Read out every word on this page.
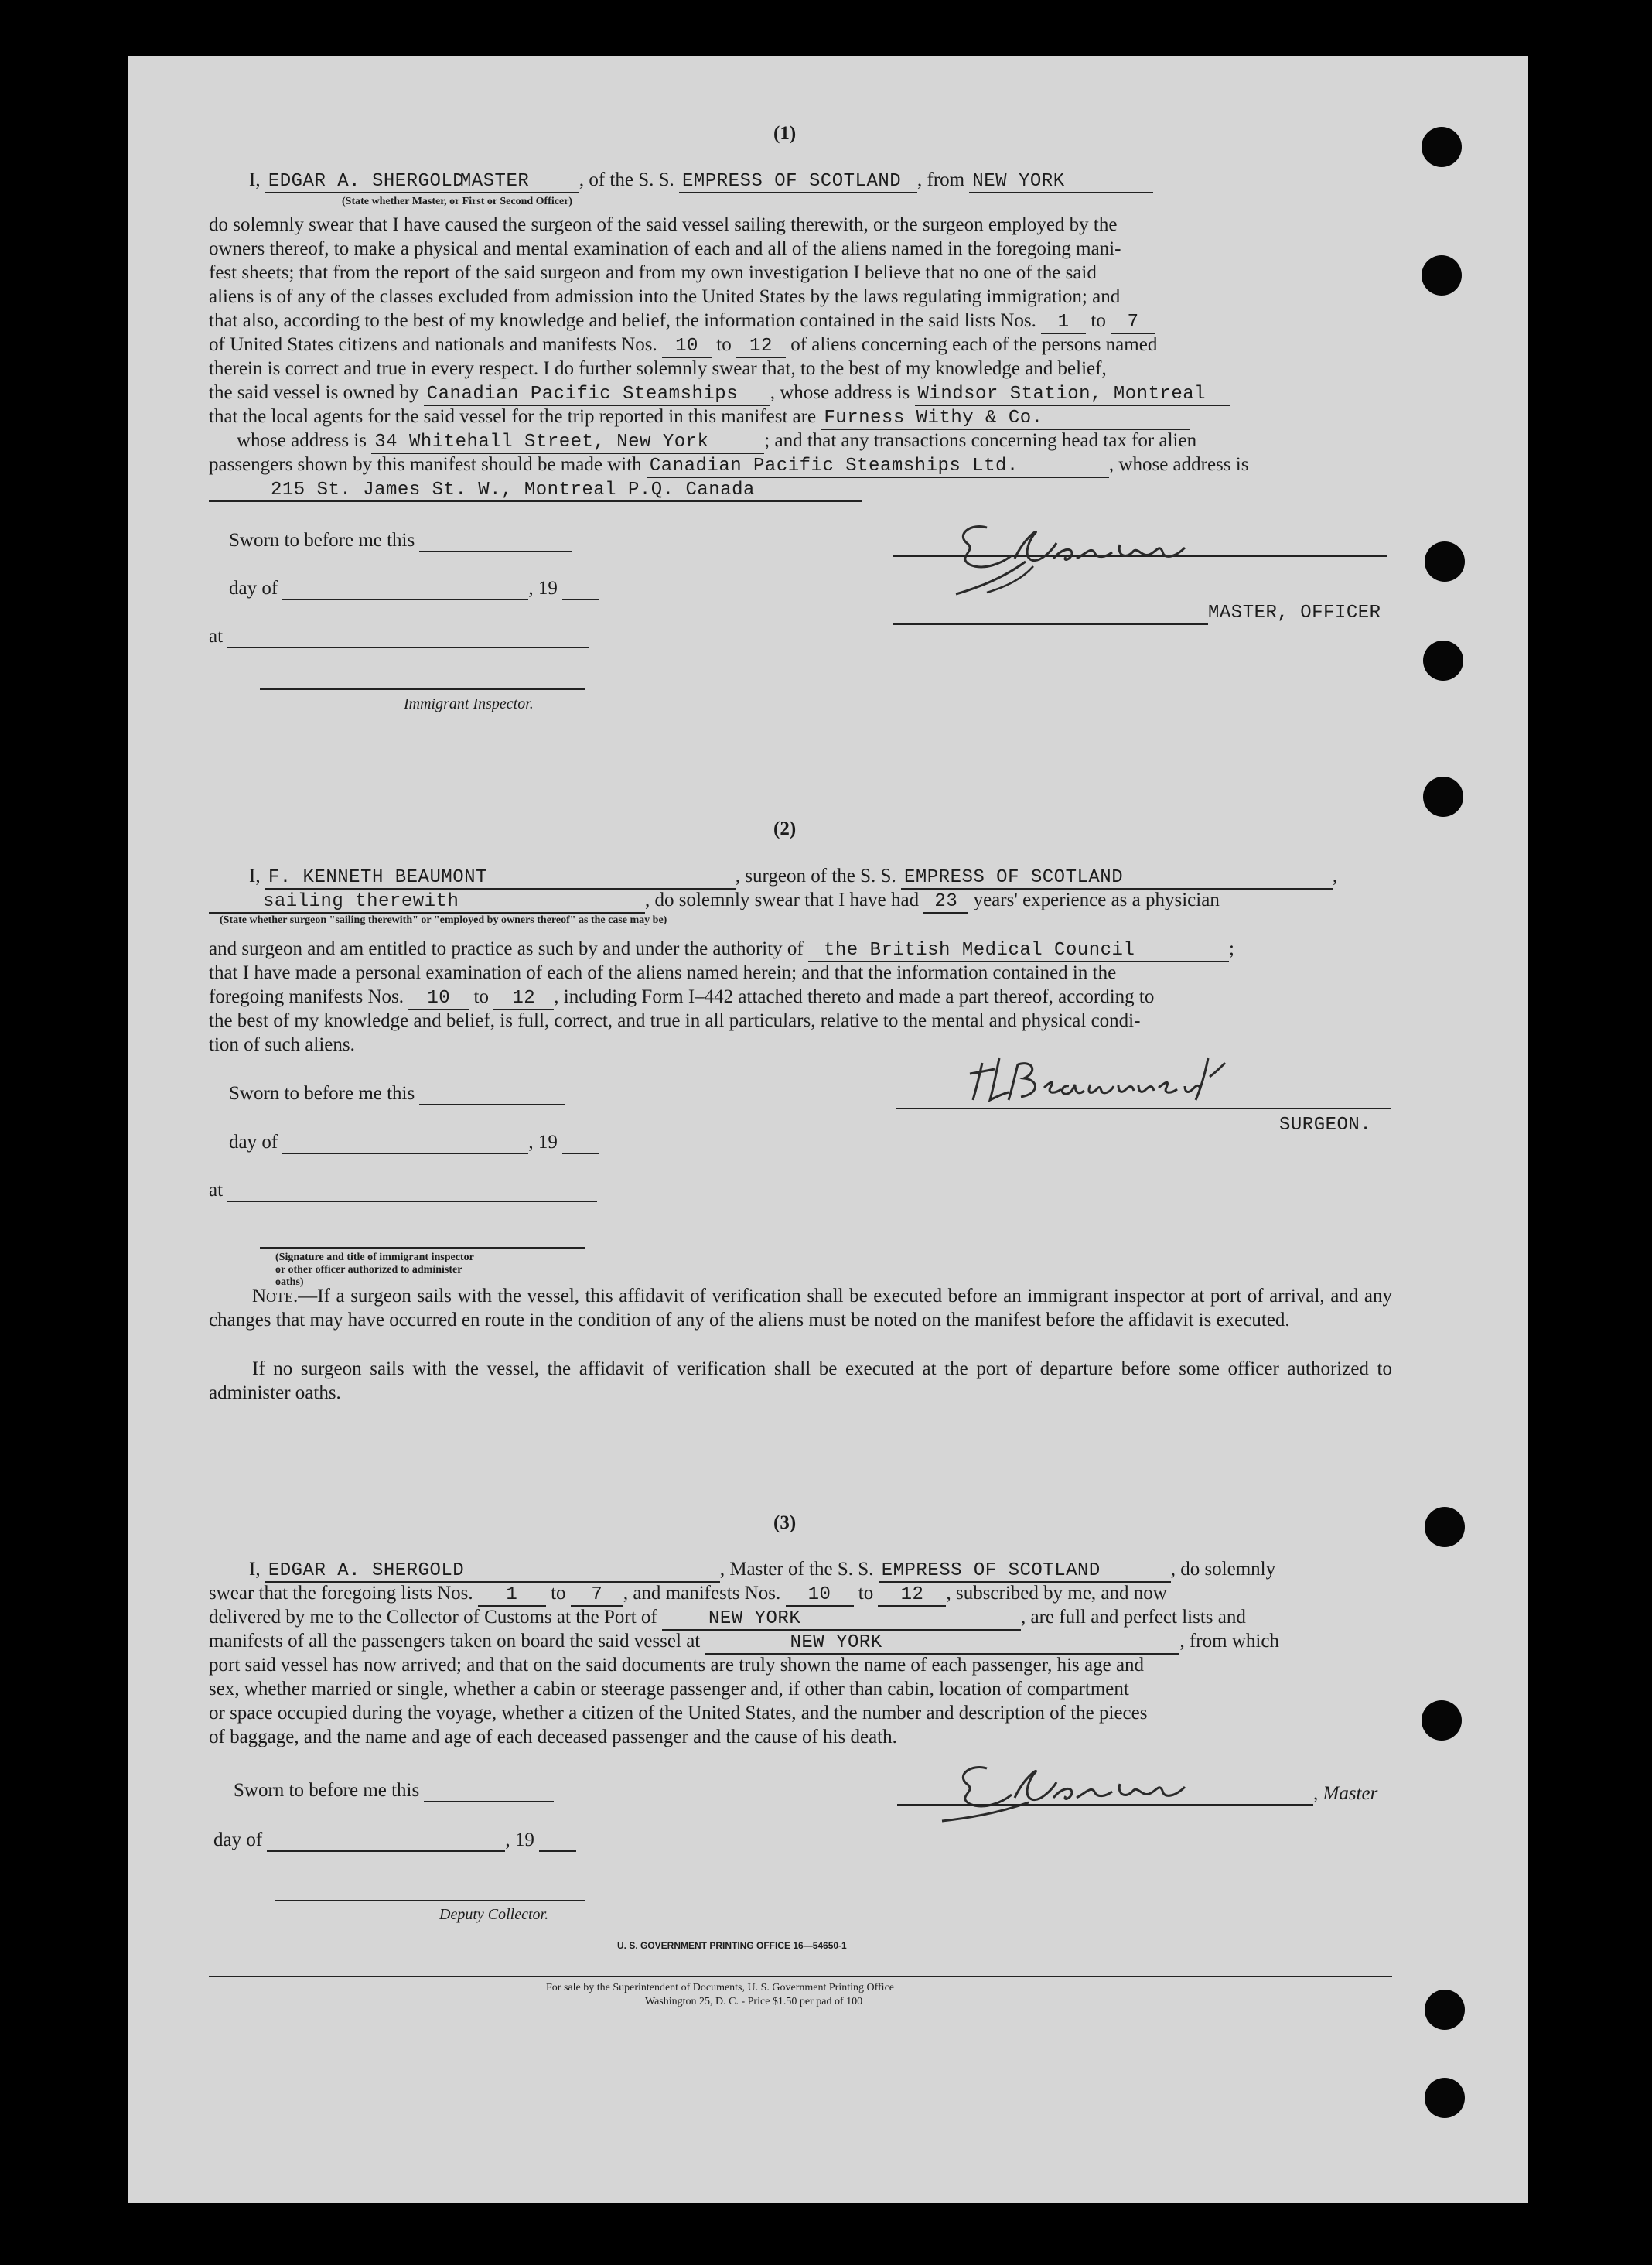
(1)
I, EDGAR A. SHERGOLDMASTER	, of the S. S. EMPRESS OF SCOTLAND , from NEW YORK
(State whether Master, or First or Second Officer)
do solemnly swear that I have caused the surgeon of the said vessel sailing therewith, or the surgeon employed by the
owners thereof, to make a physical and mental examination of each and all of the aliens named in the foregoing mani-
fest sheets; that from the report of the said surgeon and from my own investigation I believe that no one of the said
aliens is of any of the classes excluded from admission into the United States by the laws regulating immigration; and
that also, according to the best of my knowledge and belief, the information contained in the said lists Nos. 1 to 7
of United States citizens and nationals and manifests Nos. 10 to 12 of aliens concerning each of the persons named
therein is correct and true in every respect. I do further solemnly swear that, to the best of my knowledge and belief,
the said vessel is owned by Canadian Pacific Steamships , whose address is Windsor Station, Montreal
that the local agents for the said vessel for the trip reported in this manifest are Furness Withy & Co.
whose address is 34 Whitehall Street, New York	; and that any transactions concerning head tax for alien
passengers shown by this manifest should be made with Canadian Pacific Steamships Ltd.	, whose address is
215 St. James St. W., Montreal P.Q. Canada
Sworn to before me this
day of	, 19
at
Immigrant Inspector.
MASTER, OFFICER
(2)
I, F. KENNETH BEAUMONT	, surgeon of the S. S. EMPRESS OF SCOTLAND	,
sailing therewith	, do solemnly swear that I have had 23 years' experience as a physician
(State whether surgeon "sailing therewith" or "employed by owners thereof" as the case may be)
and surgeon and am entitled to practice as such by and under the authority of the British Medical Council	;
that I have made a personal examination of each of the aliens named herein; and that the information contained in the
foregoing manifests Nos. 10 to 12 , including Form I–442 attached thereto and made a part thereof, according to
the best of my knowledge and belief, is full, correct, and true in all particulars, relative to the mental and physical condi-
tion of such aliens.
Sworn to before me this
day of	, 19
at
(Signature and title of immigrant inspector or other officer authorized to administer oaths)
SURGEON.
Note.—If a surgeon sails with the vessel, this affidavit of verification shall be executed before an immigrant inspector at port of arrival, and any changes that may have occurred en route in the condition of any of the aliens must be noted on the manifest before the affidavit is executed.
If no surgeon sails with the vessel, the affidavit of verification shall be executed at the port of departure before some officer authorized to administer oaths.
(3)
I, EDGAR A. SHERGOLD	, Master of the S. S. EMPRESS OF SCOTLAND	, do solemnly
swear that the foregoing lists Nos. 1 to 7 , and manifests Nos. 10 to 12 , subscribed by me, and now
delivered by me to the Collector of Customs at the Port of	NEW YORK	, are full and perfect lists and
manifests of all the passengers taken on board the said vessel at	NEW YORK	, from which
port said vessel has now arrived; and that on the said documents are truly shown the name of each passenger, his age and
sex, whether married or single, whether a cabin or steerage passenger and, if other than cabin, location of compartment
or space occupied during the voyage, whether a citizen of the United States, and the number and description of the pieces
of baggage, and the name and age of each deceased passenger and the cause of his death.
Sworn to before me this	, Master
day of	, 19
Deputy Collector.
U. S. GOVERNMENT PRINTING OFFICE 16—54650-1
For sale by the Superintendent of Documents, U. S. Government Printing Office
Washington 25, D. C. - Price $1.50 per pad of 100
